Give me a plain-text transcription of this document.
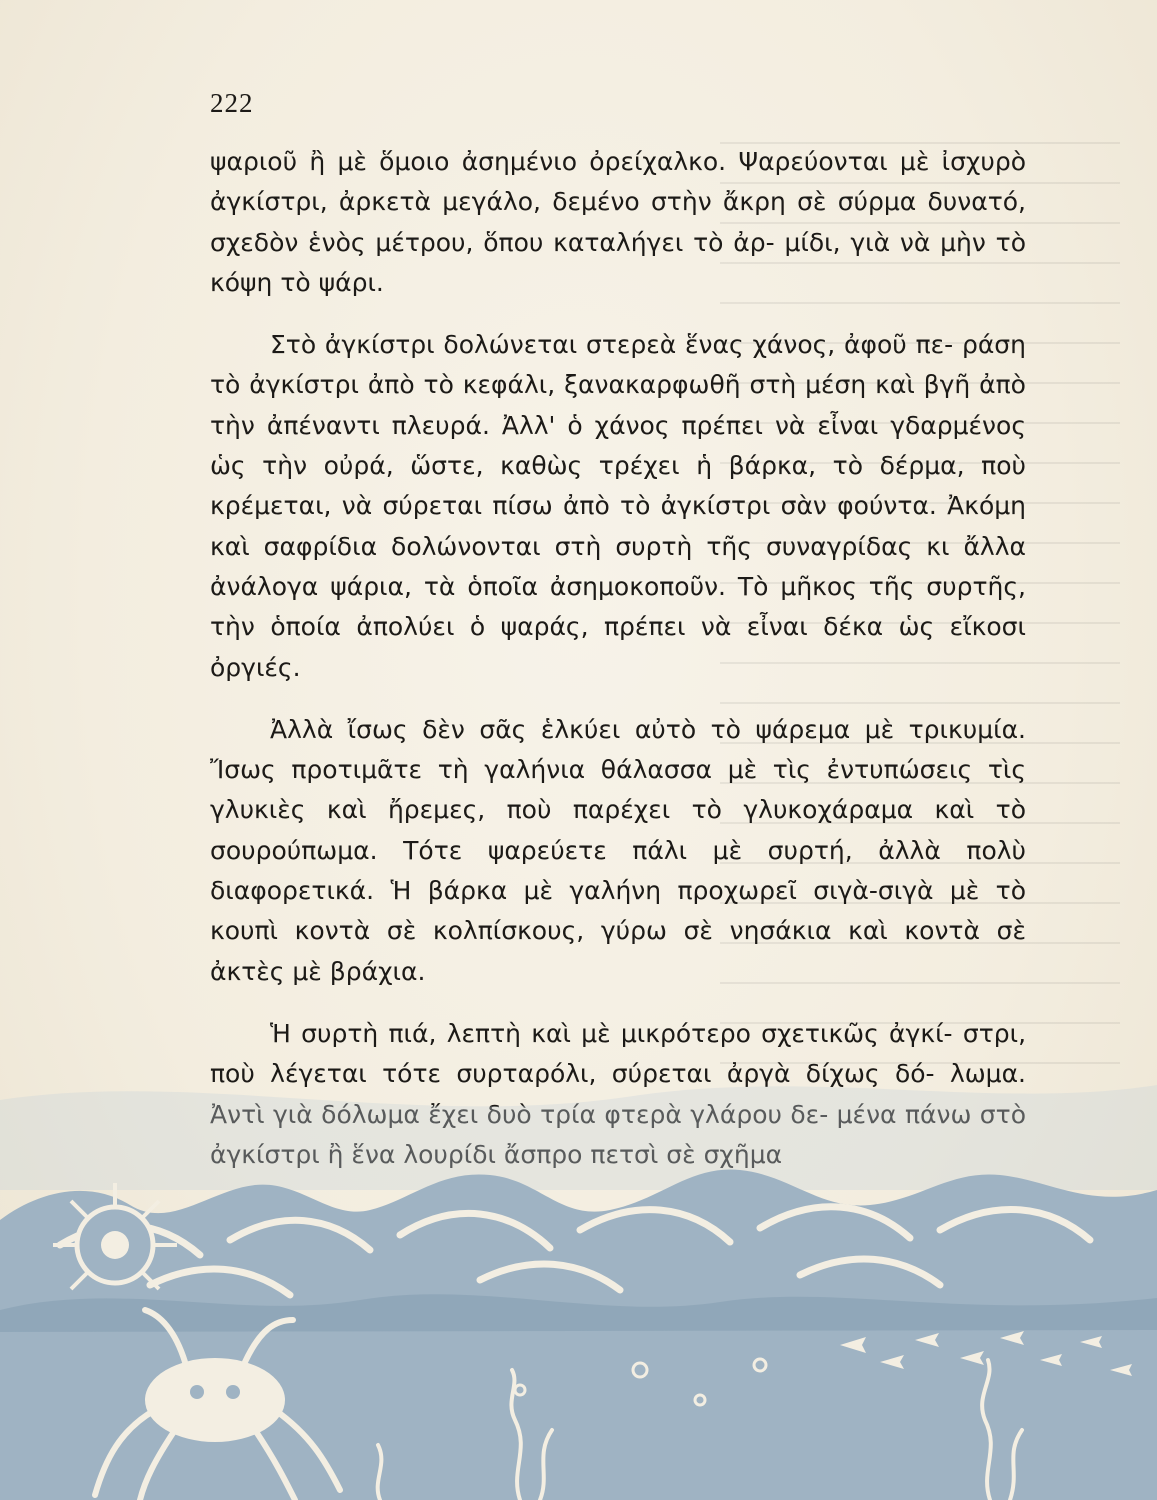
222

ψαριοῦ ἢ μὲ ὅμοιο ἀσημένιο ὀρείχαλκο. Ψαρεύονται μὲ ἰσχυρὸ ἀγκίστρι, ἀρκετὰ μεγάλο, δεμένο στὴν ἄκρη σὲ σύρμα δυνατό, σχεδὸν ἑνὸς μέτρου, ὅπου καταλήγει τὸ ἀρ- μίδι, γιὰ νὰ μὴν τὸ κόψη τὸ ψάρι.

Στὸ ἀγκίστρι δολώνεται στερεὰ ἕνας χάνος, ἀφοῦ πε- ράση τὸ ἀγκίστρι ἀπὸ τὸ κεφάλι, ξανακαρφωθῆ στὴ μέση καὶ βγῆ ἀπὸ τὴν ἀπέναντι πλευρά. Ἀλλ' ὁ χάνος πρέπει νὰ εἶναι γδαρμένος ὡς τὴν οὐρά, ὥστε, καθὼς τρέχει ἡ βάρκα, τὸ δέρμα, ποὺ κρέμεται, νὰ σύρεται πίσω ἀπὸ τὸ ἀγκίστρι σὰν φούντα. Ἀκόμη καὶ σαφρίδια δολώνονται στὴ συρτὴ τῆς συναγρίδας κι ἄλλα ἀνάλογα ψάρια, τὰ ὁποῖα ἀσημοκοποῦν. Τὸ μῆκος τῆς συρτῆς, τὴν ὁποία ἀπολύει ὁ ψαράς, πρέπει νὰ εἶναι δέκα ὡς εἴκοσι ὀργιές.

Ἀλλὰ ἴσως δὲν σᾶς ἑλκύει αὐτὸ τὸ ψάρεμα μὲ τρικυμία. Ἴσως προτιμᾶτε τὴ γαλήνια θάλασσα μὲ τὶς ἐντυπώσεις τὶς γλυκιὲς καὶ ἤρεμες, ποὺ παρέχει τὸ γλυκοχάραμα καὶ τὸ σουρούπωμα. Τότε ψαρεύετε πάλι μὲ συρτή, ἀλλὰ πολὺ διαφορετικά. Ἡ βάρκα μὲ γαλήνη προχωρεῖ σιγὰ-σιγὰ μὲ τὸ κουπὶ κοντὰ σὲ κολπίσκους, γύρω σὲ νησάκια καὶ κοντὰ σὲ ἀκτὲς μὲ βράχια.

Ἡ συρτὴ πιά, λεπτὴ καὶ μὲ μικρότερο σχετικῶς ἀγκί- στρι, ποὺ λέγεται τότε συρταρόλι, σύρεται ἀργὰ δίχως δό- λωμα. Ἀντὶ γιὰ δόλωμα ἔχει δυὸ τρία φτερὰ γλάρου δε- μένα πάνω στὸ ἀγκίστρι ἢ ἕνα λουρίδι ἄσπρο πετσὶ σὲ σχῆμα
